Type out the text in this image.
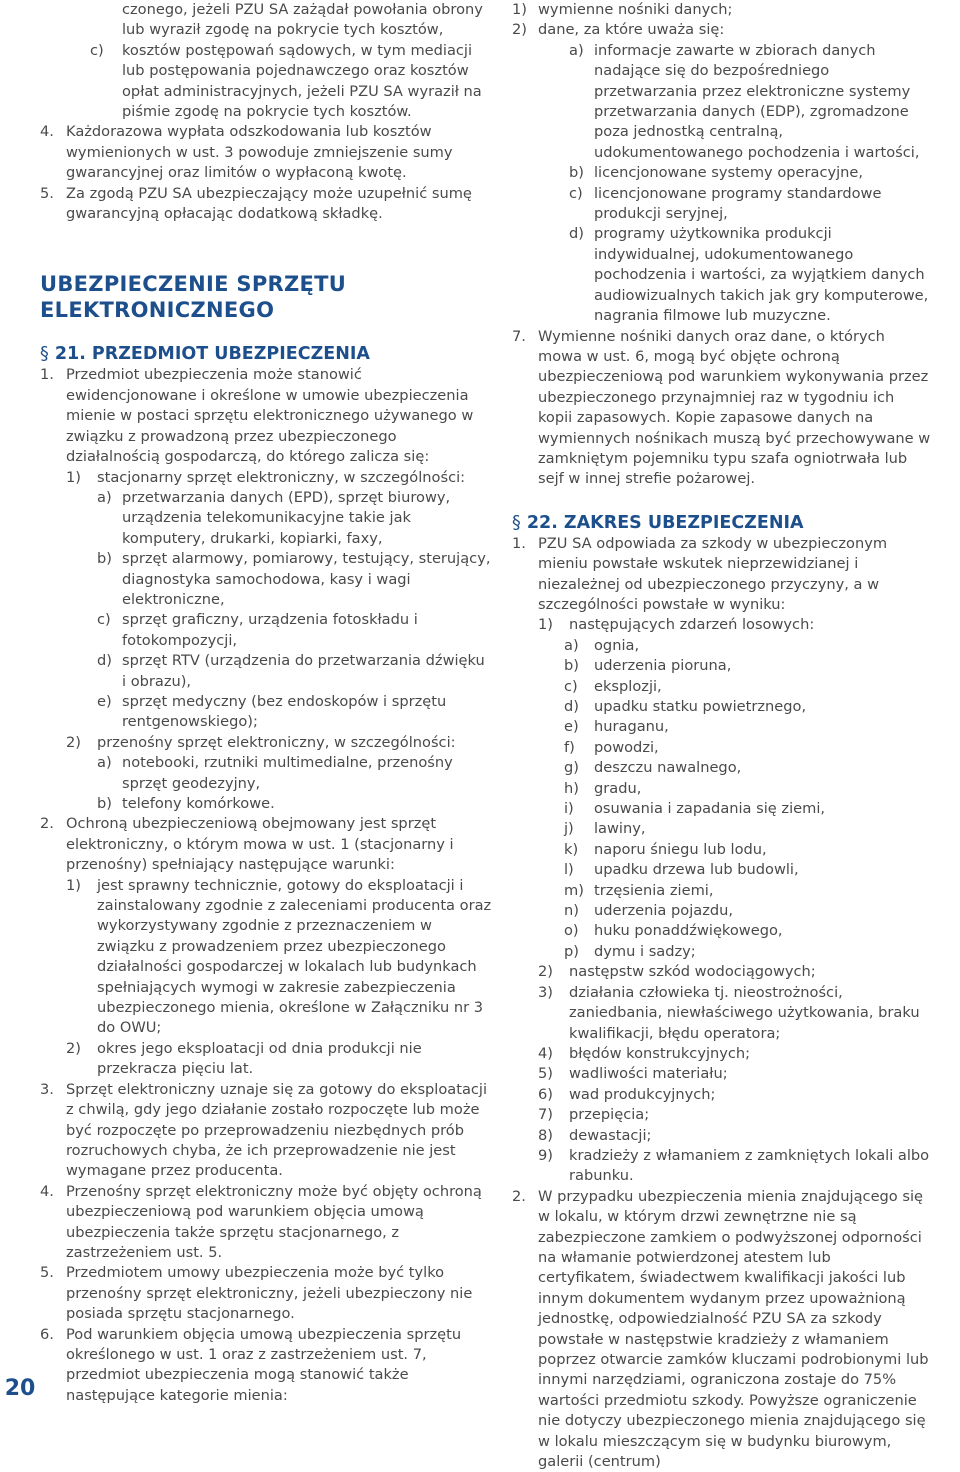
czonego, jeżeli PZU SA zażądał powołania obrony lub wyraził zgodę na pokrycie tych kosztów,
c) kosztów postępowań sądowych, w tym mediacji lub postępowania pojednawczego oraz kosztów opłat administracyjnych, jeżeli PZU SA wyraził na piśmie zgodę na pokrycie tych kosztów.
4. Każdorazowa wypłata odszkodowania lub kosztów wymienionych w ust. 3 powoduje zmniejszenie sumy gwarancyjnej oraz limitów o wypłaconą kwotę.
5. Za zgodą PZU SA ubezpieczający może uzupełnić sumę gwarancyjną opłacając dodatkową składkę.
UBEZPIECZENIE SPRZĘTU
ELEKTRONICZNEGO
§ 21. PRZEDMIOT UBEZPIECZENIA
1. Przedmiot ubezpieczenia może stanowić ewidencjonowane i określone w umowie ubezpieczenia mienie w postaci sprzętu elektronicznego używanego w związku z prowadzoną przez ubezpieczonego działalnością gospodarczą, do którego zalicza się:
1) stacjonarny sprzęt elektroniczny, w szczególności:
a) przetwarzania danych (EPD), sprzęt biurowy, urządzenia telekomunikacyjne takie jak komputery, drukarki, kopiarki, faxy,
b) sprzęt alarmowy, pomiarowy, testujący, sterujący, diagnostyka samochodowa, kasy i wagi elektroniczne,
c) sprzęt graficzny, urządzenia fotoskładu i fotokompozycji,
d) sprzęt RTV (urządzenia do przetwarzania dźwięku i obrazu),
e) sprzęt medyczny (bez endoskopów i sprzętu rentgenowskiego);
2) przenośny sprzęt elektroniczny, w szczególności:
a) notebooki, rzutniki multimedialne, przenośny sprzęt geodezyjny,
b) telefony komórkowe.
2. Ochroną ubezpieczeniową obejmowany jest sprzęt elektroniczny, o którym mowa w ust. 1 (stacjonarny i przenośny) spełniający następujące warunki:
1) jest sprawny technicznie, gotowy do eksploatacji i zainstalowany zgodnie z zaleceniami producenta oraz wykorzystywany zgodnie z przeznaczeniem w związku z prowadzeniem przez ubezpieczonego działalności gospodarczej w lokalach lub budynkach spełniających wymogi w zakresie zabezpieczenia ubezpieczonego mienia, określone w Załączniku nr 3 do OWU;
2) okres jego eksploatacji od dnia produkcji nie przekracza pięciu lat.
3. Sprzęt elektroniczny uznaje się za gotowy do eksploatacji z chwilą, gdy jego działanie zostało rozpoczęte lub może być rozpoczęte po przeprowadzeniu niezbędnych prób rozruchowych chyba, że ich przeprowadzenie nie jest wymagane przez producenta.
4. Przenośny sprzęt elektroniczny może być objęty ochroną ubezpieczeniową pod warunkiem objęcia umową ubezpieczenia także sprzętu stacjonarnego, z zastrzeżeniem ust. 5.
5. Przedmiotem umowy ubezpieczenia może być tylko przenośny sprzęt elektroniczny, jeżeli ubezpieczony nie posiada sprzętu stacjonarnego.
6. Pod warunkiem objęcia umową ubezpieczenia sprzętu określonego w ust. 1 oraz z zastrzeżeniem ust. 7, przedmiot ubezpieczenia mogą stanowić także następujące kategorie mienia:
1) wymienne nośniki danych;
2) dane, za które uważa się:
a) informacje zawarte w zbiorach danych nadające się do bezpośredniego przetwarzania przez elektroniczne systemy przetwarzania danych (EDP), zgromadzone poza jednostką centralną, udokumentowanego pochodzenia i wartości,
b) licencjonowane systemy operacyjne,
c) licencjonowane programy standardowe produkcji seryjnej,
d) programy użytkownika produkcji indywidualnej, udokumentowanego pochodzenia i wartości, za wyjątkiem danych audiowizualnych takich jak gry komputerowe, nagrania filmowe lub muzyczne.
7. Wymienne nośniki danych oraz dane, o których mowa w ust. 6, mogą być objęte ochroną ubezpieczeniową pod warunkiem wykonywania przez ubezpieczonego przynajmniej raz w tygodniu ich kopii zapasowych. Kopie zapasowe danych na wymiennych nośnikach muszą być przechowywane w zamkniętym pojemniku typu szafa ogniotrwała lub sejf w innej strefie pożarowej.
§ 22. ZAKRES UBEZPIECZENIA
1. PZU SA odpowiada za szkody w ubezpieczonym mieniu powstałe wskutek nieprzewidzianej i niezależnej od ubezpieczonego przyczyny, a w szczególności powstałe w wyniku:
1) następujących zdarzeń losowych:
a) ognia,
b) uderzenia pioruna,
c) eksplozji,
d) upadku statku powietrznego,
e) huraganu,
f) powodzi,
g) deszczu nawalnego,
h) gradu,
i) osuwania i zapadania się ziemi,
j) lawiny,
k) naporu śniegu lub lodu,
l) upadku drzewa lub budowli,
m) trzęsienia ziemi,
n) uderzenia pojazdu,
o) huku ponaddźwiękowego,
p) dymu i sadzy;
2) następstw szkód wodociągowych;
3) działania człowieka tj. nieostrożności, zaniedbania, niewłaściwego użytkowania, braku kwalifikacji, błędu operatora;
4) błędów konstrukcyjnych;
5) wadliwości materiału;
6) wad produkcyjnych;
7) przepięcia;
8) dewastacji;
9) kradzieży z włamaniem z zamkniętych lokali albo rabunku.
2. W przypadku ubezpieczenia mienia znajdującego się w lokalu, w którym drzwi zewnętrzne nie są zabezpieczone zamkiem o podwyższonej odporności na włamanie potwierdzonej atestem lub certyfikatem, świadectwem kwalifikacji jakości lub innym dokumentem wydanym przez upoważnioną jednostkę, odpowiedzialność PZU SA za szkody powstałe w następstwie kradzieży z włamaniem poprzez otwarcie zamków kluczami podrobionymi lub innymi narzędziami, ograniczona zostaje do 75% wartości przedmiotu szkody. Powyższe ograniczenie nie dotyczy ubezpieczonego mienia znajdującego się w lokalu mieszczącym się w budynku biurowym, galerii (centrum)
20
